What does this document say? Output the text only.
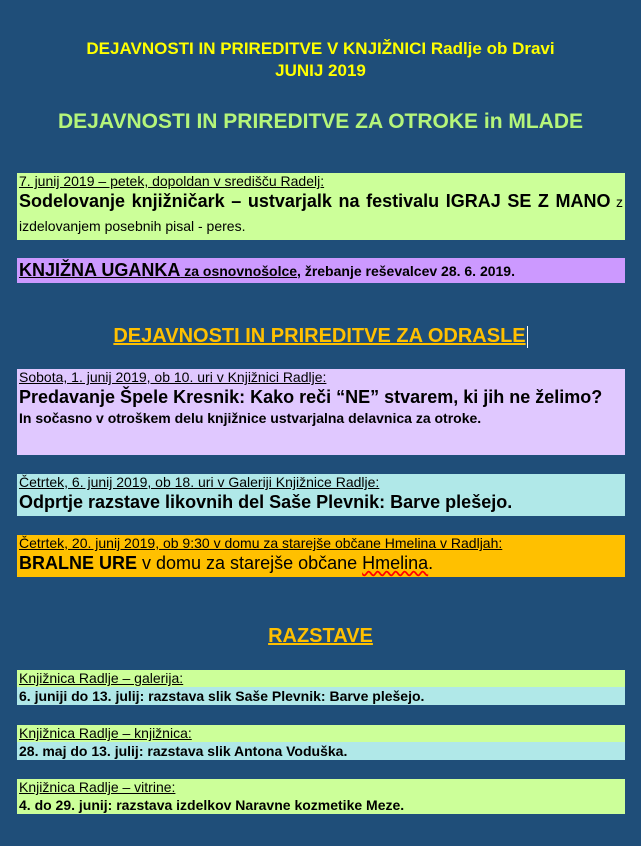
DEJAVNOSTI IN PRIREDITVE V KNJIŽNICI Radlje ob Dravi
JUNIJ 2019
DEJAVNOSTI IN PRIREDITVE ZA OTROKE in MLADE
7. junij 2019 – petek, dopoldan v središču Radelj:
Sodelovanje knjižničark – ustvarjalk na festivalu IGRAJ SE Z MANO z izdelovanjem posebnih pisal - peres.
KNJIŽNA UGANKA za osnovnošolce, žrebanje reševalcev 28. 6. 2019.
DEJAVNOSTI IN PRIREDITVE ZA ODRASLE
Sobota, 1. junij 2019, ob 10. uri v Knjižnici Radlje:
Predavanje Špele Kresnik: Kako reči “NE” stvarem, ki jih ne želimo?
In sočasno v otroškem delu knjižnice ustvarjalna delavnica za otroke.
Četrtek, 6. junij 2019, ob 18. uri v Galeriji Knjižnice Radlje:
Odprtje razstave likovnih del Saše Plevnik: Barve plešejo.
Četrtek, 20. junij 2019, ob 9:30 v domu za starejše občane Hmelina v Radljah:
BRALNE URE v domu za starejše občane Hmelina.
RAZSTAVE
Knjižnica Radlje – galerija:
6. juniji do 13. julij: razstava slik Saše Plevnik: Barve plešejo.
Knjižnica Radlje – knjižnica:
28. maj do 13. julij: razstava slik Antona Voduška.
Knjižnica Radlje – vitrine:
4. do 29. junij: razstava izdelkov Naravne kozmetike Meze.
